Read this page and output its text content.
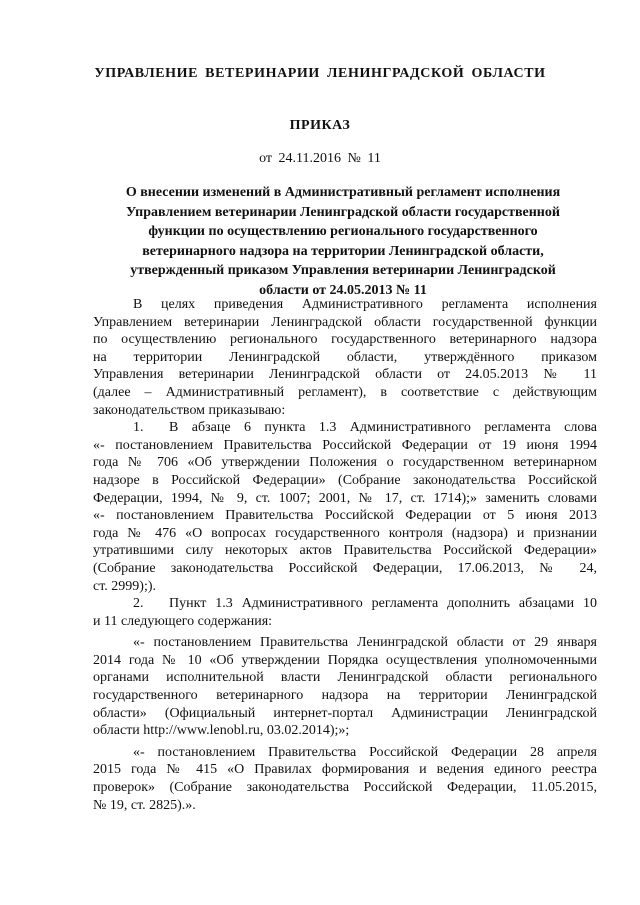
УПРАВЛЕНИЕ ВЕТЕРИНАРИИ ЛЕНИНГРАДСКОЙ ОБЛАСТИ
ПРИКАЗ
от 24.11.2016 № 11
О внесении изменений в Административный регламент исполнения
Управлением ветеринарии Ленинградской области государственной
функции по осуществлению регионального государственного
ветеринарного надзора на территории Ленинградской области,
утвержденный приказом Управления ветеринарии Ленинградской
области от 24.05.2013 № 11
В целях приведения Административного регламента исполнения
Управлением ветеринарии Ленинградской области государственной функции
по осуществлению регионального государственного ветеринарного надзора
на территории Ленинградской области, утверждённого приказом
Управления ветеринарии Ленинградской области от 24.05.2013 № 11
(далее – Административный регламент), в соответствие с действующим
законодательством приказываю:
1. В абзаце 6 пункта 1.3 Административного регламента слова
«- постановлением Правительства Российской Федерации от 19 июня 1994
года № 706 «Об утверждении Положения о государственном ветеринарном
надзоре в Российской Федерации» (Собрание законодательства Российской
Федерации, 1994, № 9, ст. 1007; 2001, № 17, ст. 1714);» заменить словами
«- постановлением Правительства Российской Федерации от 5 июня 2013
года № 476 «О вопросах государственного контроля (надзора) и признании
утратившими силу некоторых актов Правительства Российской Федерации»
(Собрание законодательства Российской Федерации, 17.06.2013, № 24,
ст. 2999);).
2. Пункт 1.3 Административного регламента дополнить абзацами 10
и 11 следующего содержания:
«- постановлением Правительства Ленинградской области от 29 января
2014 года № 10 «Об утверждении Порядка осуществления уполномоченными
органами исполнительной власти Ленинградской области регионального
государственного ветеринарного надзора на территории Ленинградской
области» (Официальный интернет-портал Администрации Ленинградской
области http://www.lenobl.ru, 03.02.2014);»;
«- постановлением Правительства Российской Федерации 28 апреля
2015 года № 415 «О Правилах формирования и ведения единого реестра
проверок» (Собрание законодательства Российской Федерации, 11.05.2015,
№ 19, ст. 2825).».
